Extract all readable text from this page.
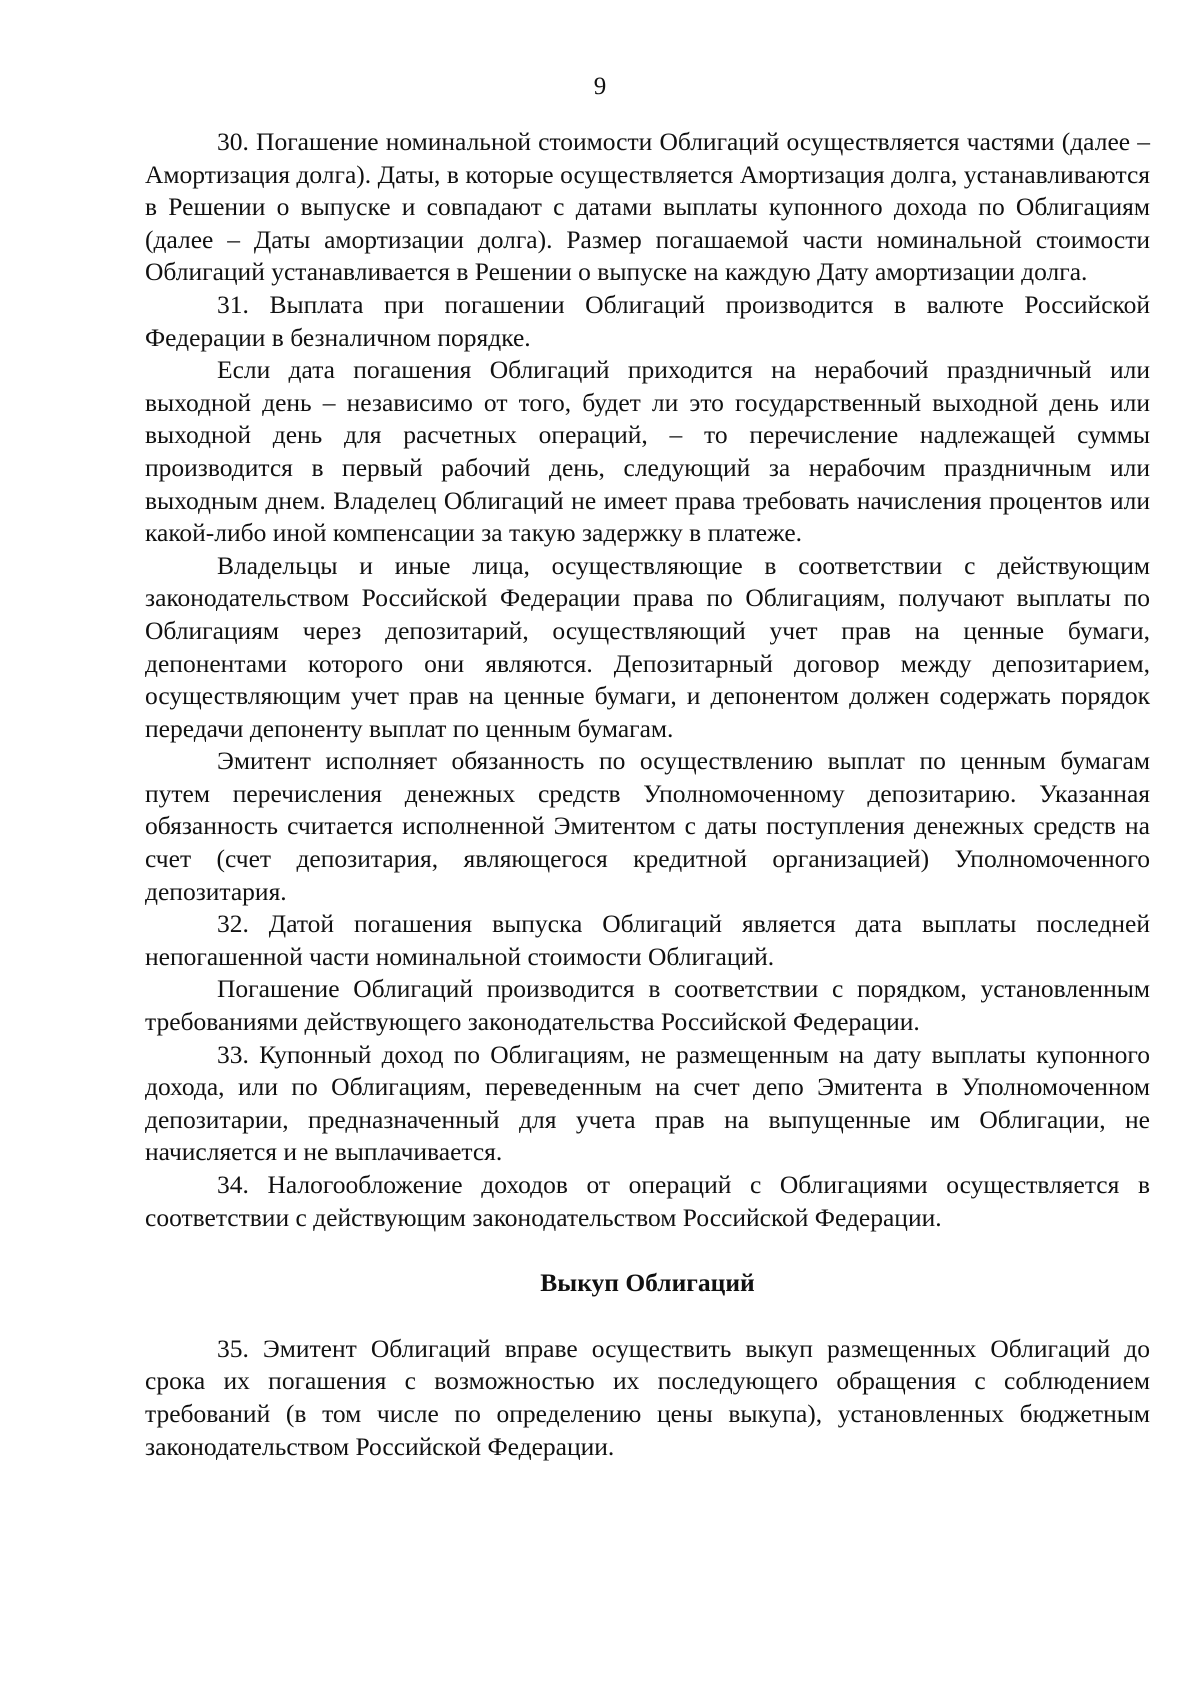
9

30. Погашение номинальной стоимости Облигаций осуществляется частями (далее – Амортизация долга). Даты, в которые осуществляется Амортизация долга, устанавливаются в Решении о выпуске и совпадают с датами выплаты купонного дохода по Облигациям (далее – Даты амортизации долга). Размер погашаемой части номинальной стоимости Облигаций устанавливается в Решении о выпуске на каждую Дату амортизации долга.

31. Выплата при погашении Облигаций производится в валюте Российской Федерации в безналичном порядке.

Если дата погашения Облигаций приходится на нерабочий праздничный или выходной день – независимо от того, будет ли это государственный выходной день или выходной день для расчетных операций, – то перечисление надлежащей суммы производится в первый рабочий день, следующий за нерабочим праздничным или выходным днем. Владелец Облигаций не имеет права требовать начисления процентов или какой-либо иной компенсации за такую задержку в платеже.

Владельцы и иные лица, осуществляющие в соответствии с действующим законодательством Российской Федерации права по Облигациям, получают выплаты по Облигациям через депозитарий, осуществляющий учет прав на ценные бумаги, депонентами которого они являются. Депозитарный договор между депозитарием, осуществляющим учет прав на ценные бумаги, и депонентом должен содержать порядок передачи депоненту выплат по ценным бумагам.

Эмитент исполняет обязанность по осуществлению выплат по ценным бумагам путем перечисления денежных средств Уполномоченному депозитарию. Указанная обязанность считается исполненной Эмитентом с даты поступления денежных средств на счет (счет депозитария, являющегося кредитной организацией) Уполномоченного депозитария.

32. Датой погашения выпуска Облигаций является дата выплаты последней непогашенной части номинальной стоимости Облигаций.

Погашение Облигаций производится в соответствии с порядком, установленным требованиями действующего законодательства Российской Федерации.

33. Купонный доход по Облигациям, не размещенным на дату выплаты купонного дохода, или по Облигациям, переведенным на счет депо Эмитента в Уполномоченном депозитарии, предназначенный для учета прав на выпущенные им Облигации, не начисляется и не выплачивается.

34. Налогообложение доходов от операций с Облигациями осуществляется в соответствии с действующим законодательством Российской Федерации.

Выкуп Облигаций

35. Эмитент Облигаций вправе осуществить выкуп размещенных Облигаций до срока их погашения с возможностью их последующего обращения с соблюдением требований (в том числе по определению цены выкупа), установленных бюджетным законодательством Российской Федерации.
